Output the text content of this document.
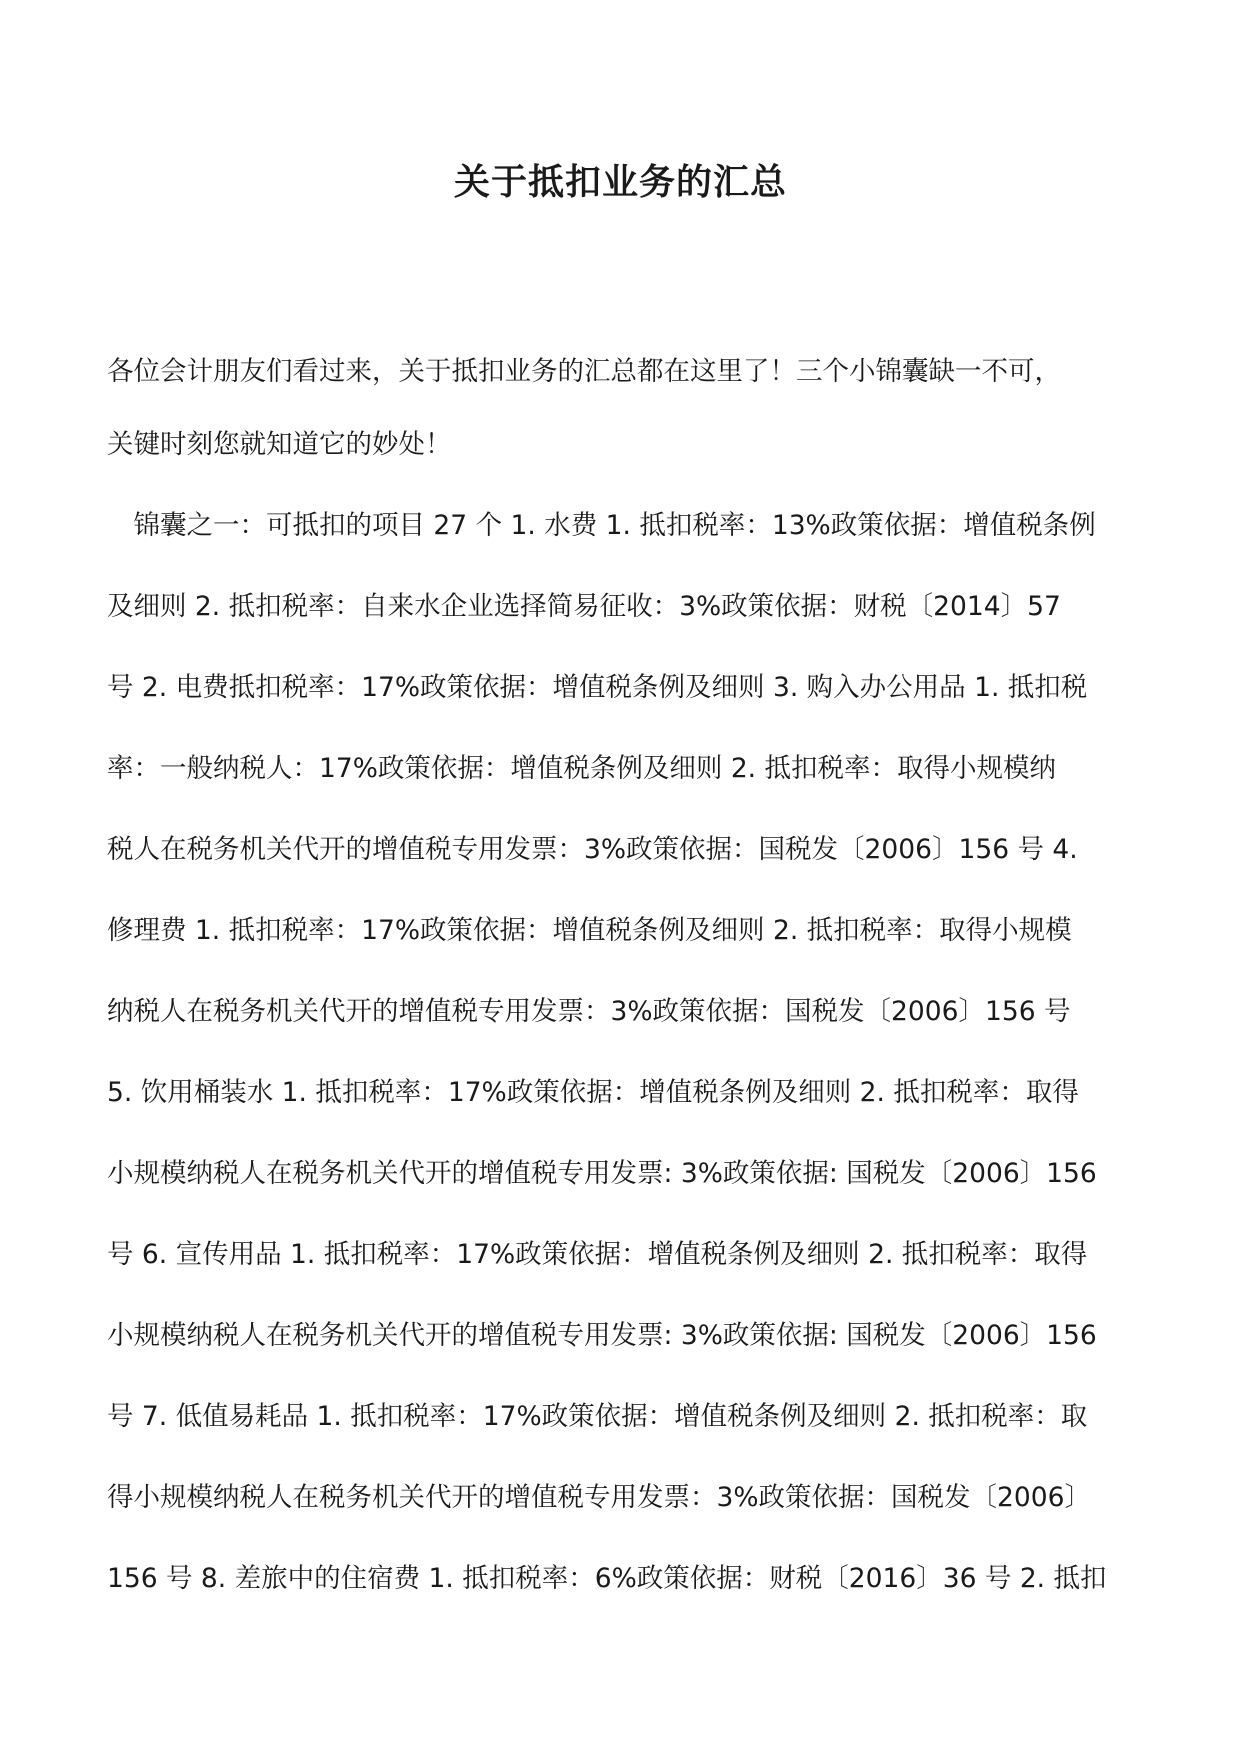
关于抵扣业务的汇总

各位会计朋友们看过来，关于抵扣业务的汇总都在这里了！三个小锦囊缺一不可，

关键时刻您就知道它的妙处！

　锦囊之一：可抵扣的项目 27 个 1. 水费 1. 抵扣税率：13%政策依据：增值税条例

及细则 2. 抵扣税率：自来水企业选择简易征收：3%政策依据：财税〔2014〕57

号 2. 电费抵扣税率：17%政策依据：增值税条例及细则 3. 购入办公用品 1. 抵扣税

率：一般纳税人：17%政策依据：增值税条例及细则 2. 抵扣税率：取得小规模纳

税人在税务机关代开的增值税专用发票：3%政策依据：国税发〔2006〕156 号 4.

修理费 1. 抵扣税率：17%政策依据：增值税条例及细则 2. 抵扣税率：取得小规模

纳税人在税务机关代开的增值税专用发票：3%政策依据：国税发〔2006〕156 号

5. 饮用桶装水 1. 抵扣税率：17%政策依据：增值税条例及细则 2. 抵扣税率：取得

小规模纳税人在税务机关代开的增值税专用发票: 3%政策依据: 国税发〔2006〕156

号 6. 宣传用品 1. 抵扣税率：17%政策依据：增值税条例及细则 2. 抵扣税率：取得

小规模纳税人在税务机关代开的增值税专用发票: 3%政策依据: 国税发〔2006〕156

号 7. 低值易耗品 1. 抵扣税率：17%政策依据：增值税条例及细则 2. 抵扣税率：取

得小规模纳税人在税务机关代开的增值税专用发票：3%政策依据：国税发〔2006〕

156 号 8. 差旅中的住宿费 1. 抵扣税率：6%政策依据：财税〔2016〕36 号 2. 抵扣
